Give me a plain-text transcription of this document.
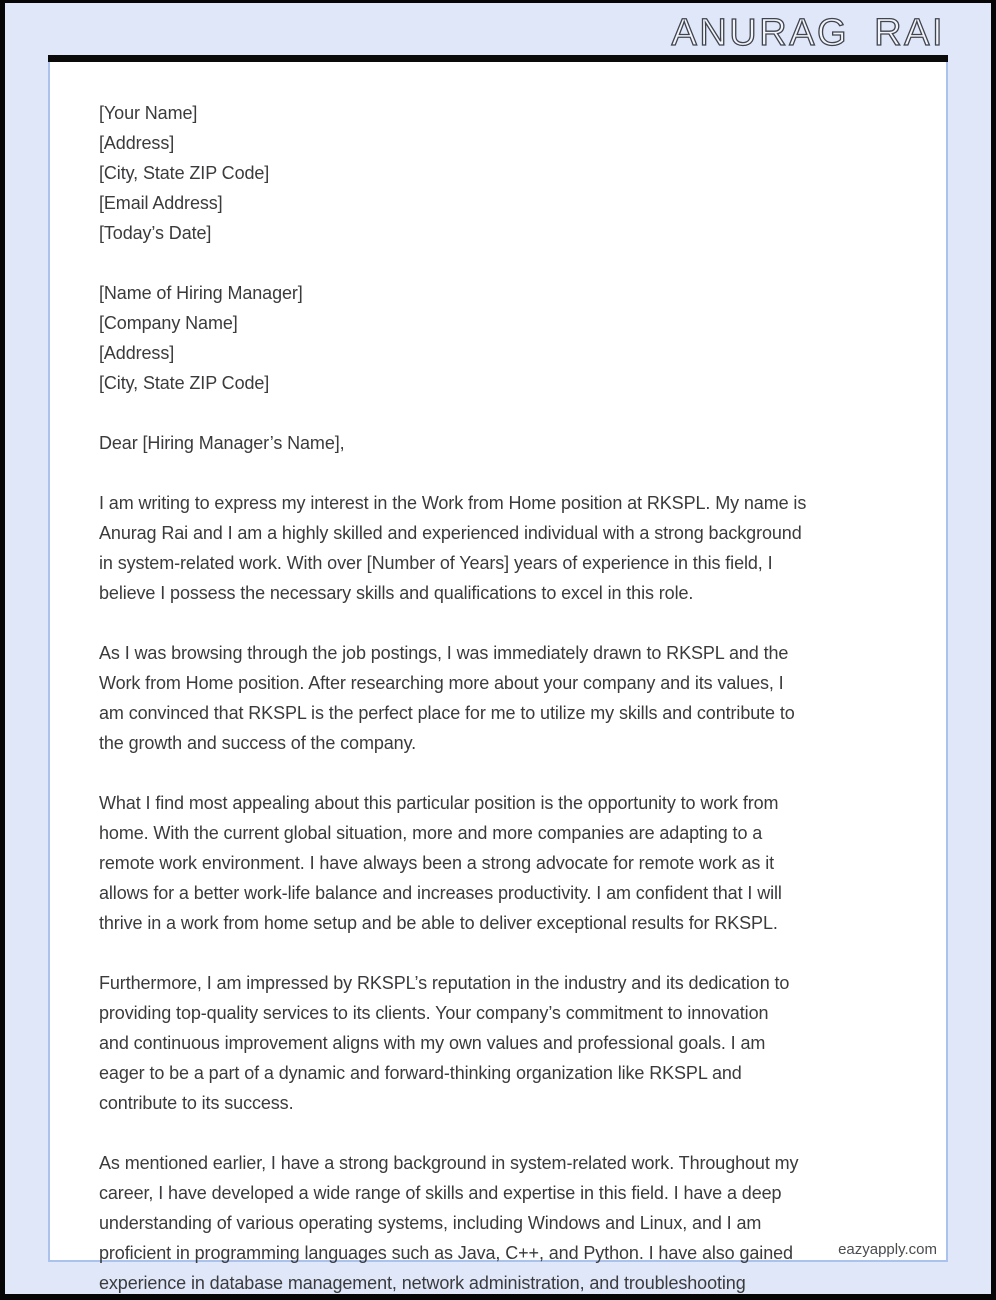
ANURAG RAI
[Your Name]
[Address]
[City, State ZIP Code]
[Email Address]
[Today’s Date]
[Name of Hiring Manager]
[Company Name]
[Address]
[City, State ZIP Code]
Dear [Hiring Manager’s Name],
I am writing to express my interest in the Work from Home position at RKSPL. My name is
Anurag Rai and I am a highly skilled and experienced individual with a strong background
in system-related work. With over [Number of Years] years of experience in this field, I
believe I possess the necessary skills and qualifications to excel in this role.
As I was browsing through the job postings, I was immediately drawn to RKSPL and the
Work from Home position. After researching more about your company and its values, I
am convinced that RKSPL is the perfect place for me to utilize my skills and contribute to
the growth and success of the company.
What I find most appealing about this particular position is the opportunity to work from
home. With the current global situation, more and more companies are adapting to a
remote work environment. I have always been a strong advocate for remote work as it
allows for a better work-life balance and increases productivity. I am confident that I will
thrive in a work from home setup and be able to deliver exceptional results for RKSPL.
Furthermore, I am impressed by RKSPL’s reputation in the industry and its dedication to
providing top-quality services to its clients. Your company’s commitment to innovation
and continuous improvement aligns with my own values and professional goals. I am
eager to be a part of a dynamic and forward-thinking organization like RKSPL and
contribute to its success.
As mentioned earlier, I have a strong background in system-related work. Throughout my
career, I have developed a wide range of skills and expertise in this field. I have a deep
understanding of various operating systems, including Windows and Linux, and I am
proficient in programming languages such as Java, C++, and Python. I have also gained
experience in database management, network administration, and troubleshooting
eazyapply.com
